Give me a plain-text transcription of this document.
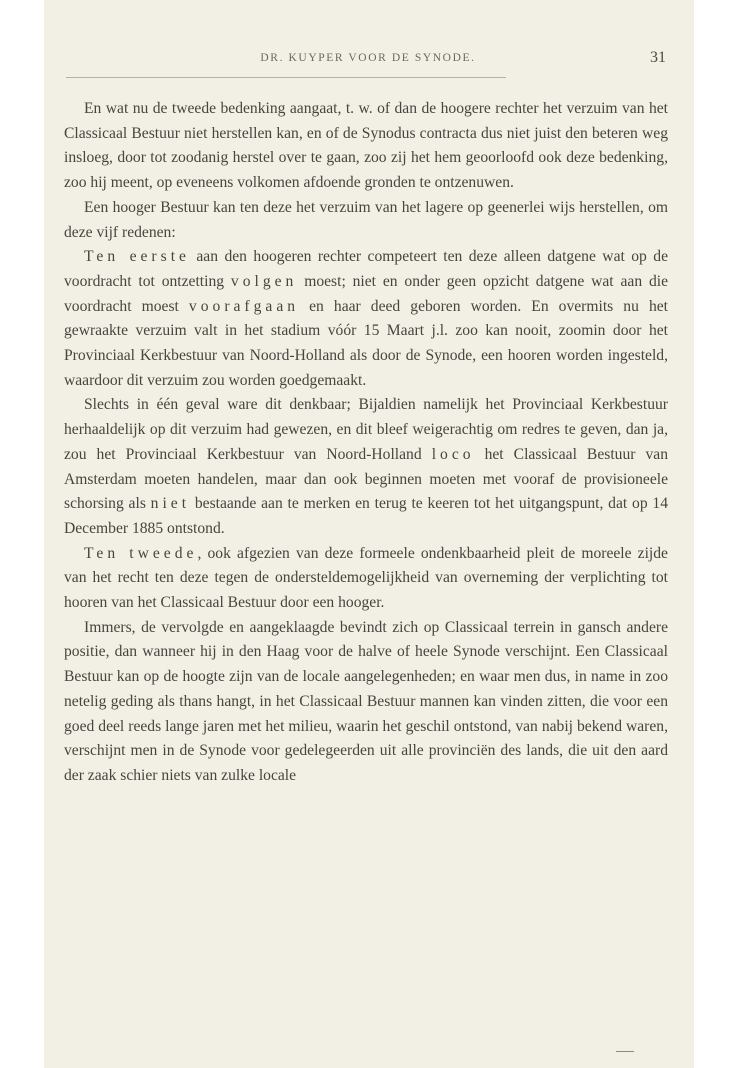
DR. KUYPER VOOR DE SYNODE.	31

En wat nu de tweede bedenking aangaat, t. w. of dan de hoogere rechter het verzuim van het Classicaal Bestuur niet herstellen kan, en of de Synodus contracta dus niet juist den beteren weg insloeg, door tot zoodanig herstel over te gaan, zoo zij het hem geoorloofd ook deze bedenking, zoo hij meent, op eveneens volkomen afdoende gronden te ontzenuwen.

Een hooger Bestuur kan ten deze het verzuim van het lagere op geenerlei wijs herstellen, om deze vijf redenen:

Ten eerste aan den hoogeren rechter competeert ten deze alleen datgene wat op de voordracht tot ontzetting volgen moest; niet en onder geen opzicht datgene wat aan die voordracht moest voorafgaan en haar deed geboren worden. En overmits nu het gewraakte verzuim valt in het stadium vóór 15 Maart j.l. zoo kan nooit, zoomin door het Provinciaal Kerkbestuur van Noord-Holland als door de Synode, een hooren worden ingesteld, waardoor dit verzuim zou worden goedgemaakt.

Slechts in één geval ware dit denkbaar; Bijaldien namelijk het Provinciaal Kerkbestuur herhaaldelijk op dit verzuim had gewezen, en dit bleef weigerachtig om redres te geven, dan ja, zou het Provinciaal Kerkbestuur van Noord-Holland loco het Classicaal Bestuur van Amsterdam moeten handelen, maar dan ook beginnen moeten met vooraf de provisioneele schorsing als niet bestaande aan te merken en terug te keeren tot het uitgangspunt, dat op 14 December 1885 ontstond.

Ten tweede, ook afgezien van deze formeele ondenkbaarheid pleit de moreele zijde van het recht ten deze tegen de ondersteldemogelijkheid van overneming der verplichting tot hooren van het Classicaal Bestuur door een hooger.

Immers, de vervolgde en aangeklaagde bevindt zich op Classicaal terrein in gansch andere positie, dan wanneer hij in den Haag voor de halve of heele Synode verschijnt. Een Classicaal Bestuur kan op de hoogte zijn van de locale aangelegenheden; en waar men dus, in name in zoo netelig geding als thans hangt, in het Classicaal Bestuur mannen kan vinden zitten, die voor een goed deel reeds lange jaren met het milieu, waarin het geschil ontstond, van nabij bekend waren, verschijnt men in de Synode voor gedelegeerden uit alle provinciën des lands, die uit den aard der zaak schier niets van zulke locale
